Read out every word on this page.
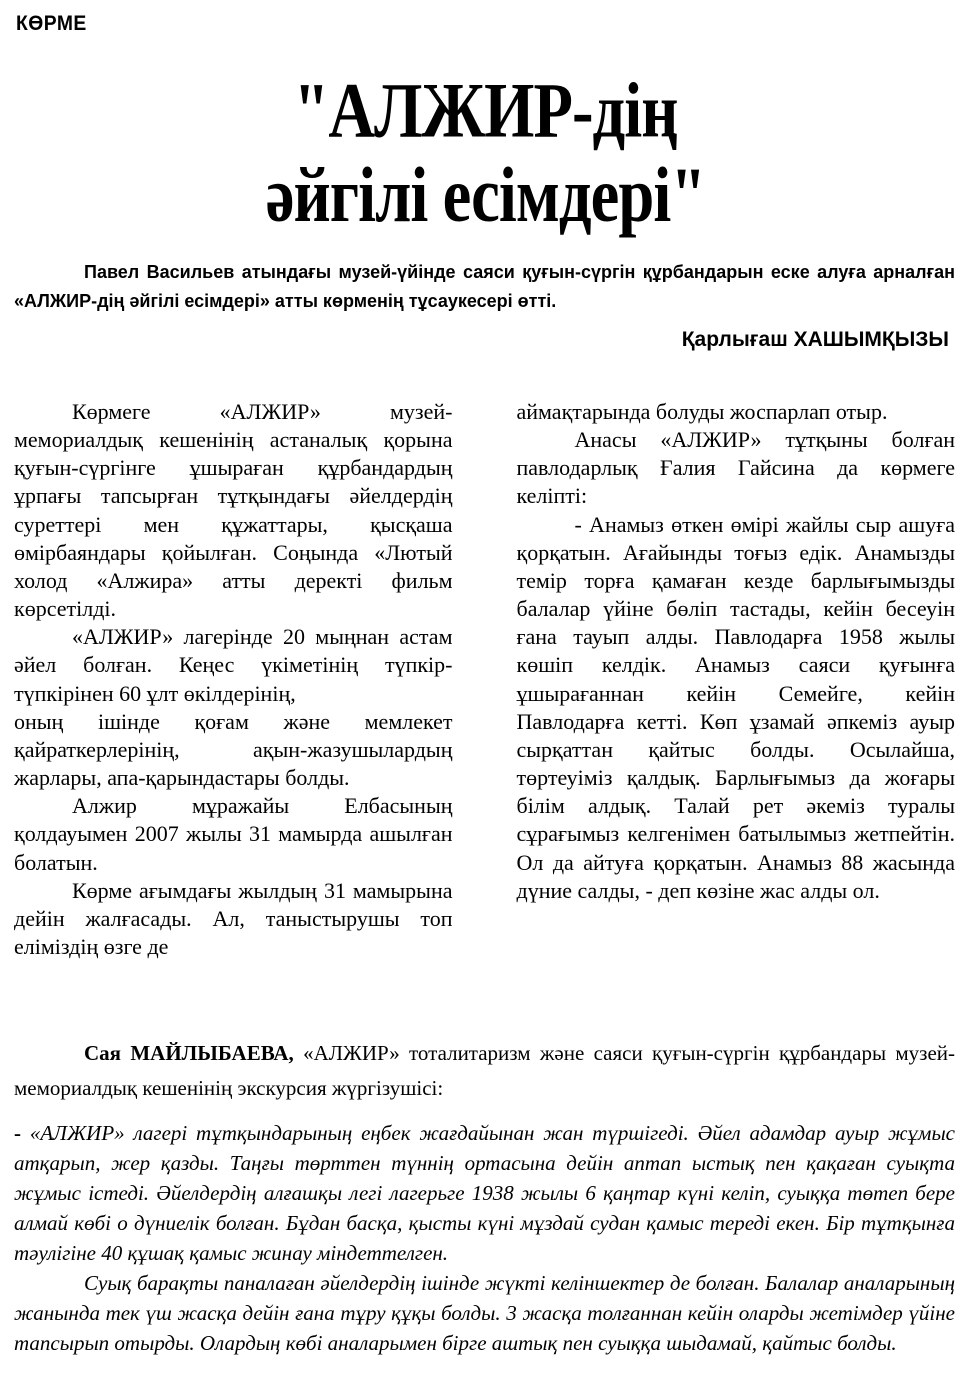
КӨРМЕ
"АЛЖИР-дің
әйгілі есімдері"

Павел Васильев атындағы музей-үйінде саяси қуғын-сүргін құрбандарын еске алуға арналған «АЛЖИР-дің әйгілі есімдері» атты көрменің тұсаукесері өтті.

Қарлығаш ХАШЫМҚЫЗЫ

Көрмеге «АЛЖИР» музей-мемориалдық кешенінің астаналық қорына қуғын-сүргінге ұшыраған құрбандардың ұрпағы тапсырған тұтқындағы әйелдердің суреттері мен құжаттары, қысқаша өмірбаяндары қойылған. Соңында «Лютый холод «Алжира» атты деректі фильм көрсетілді.

«АЛЖИР» лагерінде 20 мыңнан астам әйел болған. Кеңес үкіметінің түпкір-түпкірінен 60 ұлт өкілдерінің,

оның ішінде қоғам және мемлекет қайраткерлерінің, ақын-жазушылардың жарлары, апа-қарындастары болды.

Алжир мұражайы Елбасының қолдауымен 2007 жылы 31 мамырда ашылған болатын.

Көрме ағымдағы жылдың 31 мамырына дейін жалғасады. Ал, таныстырушы топ еліміздің өзге де

аймақтарында болуды жоспарлап отыр.

Анасы «АЛЖИР» тұтқыны болған павлодарлық Ғалия Гайсина да көрмеге келіпті:

- Анамыз өткен өмірі жайлы сыр ашуға қорқатын. Ағайынды тоғыз едік. Анамызды темір торға қамаған кезде барлығымызды балалар үйіне бөліп тастады, кейін бесеуін ғана тауып алды. Павлодарға 1958 жылы көшіп келдік. Анамыз саяси қуғынға ұшырағаннан кейін Семейге, кейін Павлодарға кетті. Көп ұзамай әпкеміз ауыр сырқаттан қайтыс болды. Осылайша, төртеуіміз қалдық. Барлығымыз да жоғары білім алдық. Талай рет әкеміз туралы сұрағымыз келгенімен батылымыз жетпейтін. Ол да айтуға қорқатын. Анамыз 88 жасында дүние салды, - деп көзіне жас алды ол.

Сая МАЙЛЫБАЕВА, «АЛЖИР» тоталитаризм және саяси қуғын-сүргін құрбандары музей-мемориалдық кешенінің экскурсия жүргізушісі:

- «АЛЖИР» лагері тұтқындарының еңбек жағдайынан жан түршігеді. Әйел адамдар ауыр жұмыс атқарып, жер қазды. Таңғы төрттен түннің ортасына дейін аптап ыстық пен қақаған суықта жұмыс істеді. Әйелдердің алғашқы легі лагерьге 1938 жылы 6 қаңтар күні келіп, суыққа төтеп бере алмай көбі о дүниелік болған. Бұдан басқа, қысты күні мұздай судан қамыс тереді екен. Бір тұтқынға тәулігіне 40 құшақ қамыс жинау міндеттелген.

Суық барақты паналаған әйелдердің ішінде жүкті келіншектер де болған. Балалар аналарының жанында тек үш жасқа дейін ғана тұру құқы болды. 3 жасқа толғаннан кейін оларды жетімдер үйіне тапсырып отырды. Олардың көбі аналарымен бірге аштық пен суыққа шыдамай, қайтыс болды.
